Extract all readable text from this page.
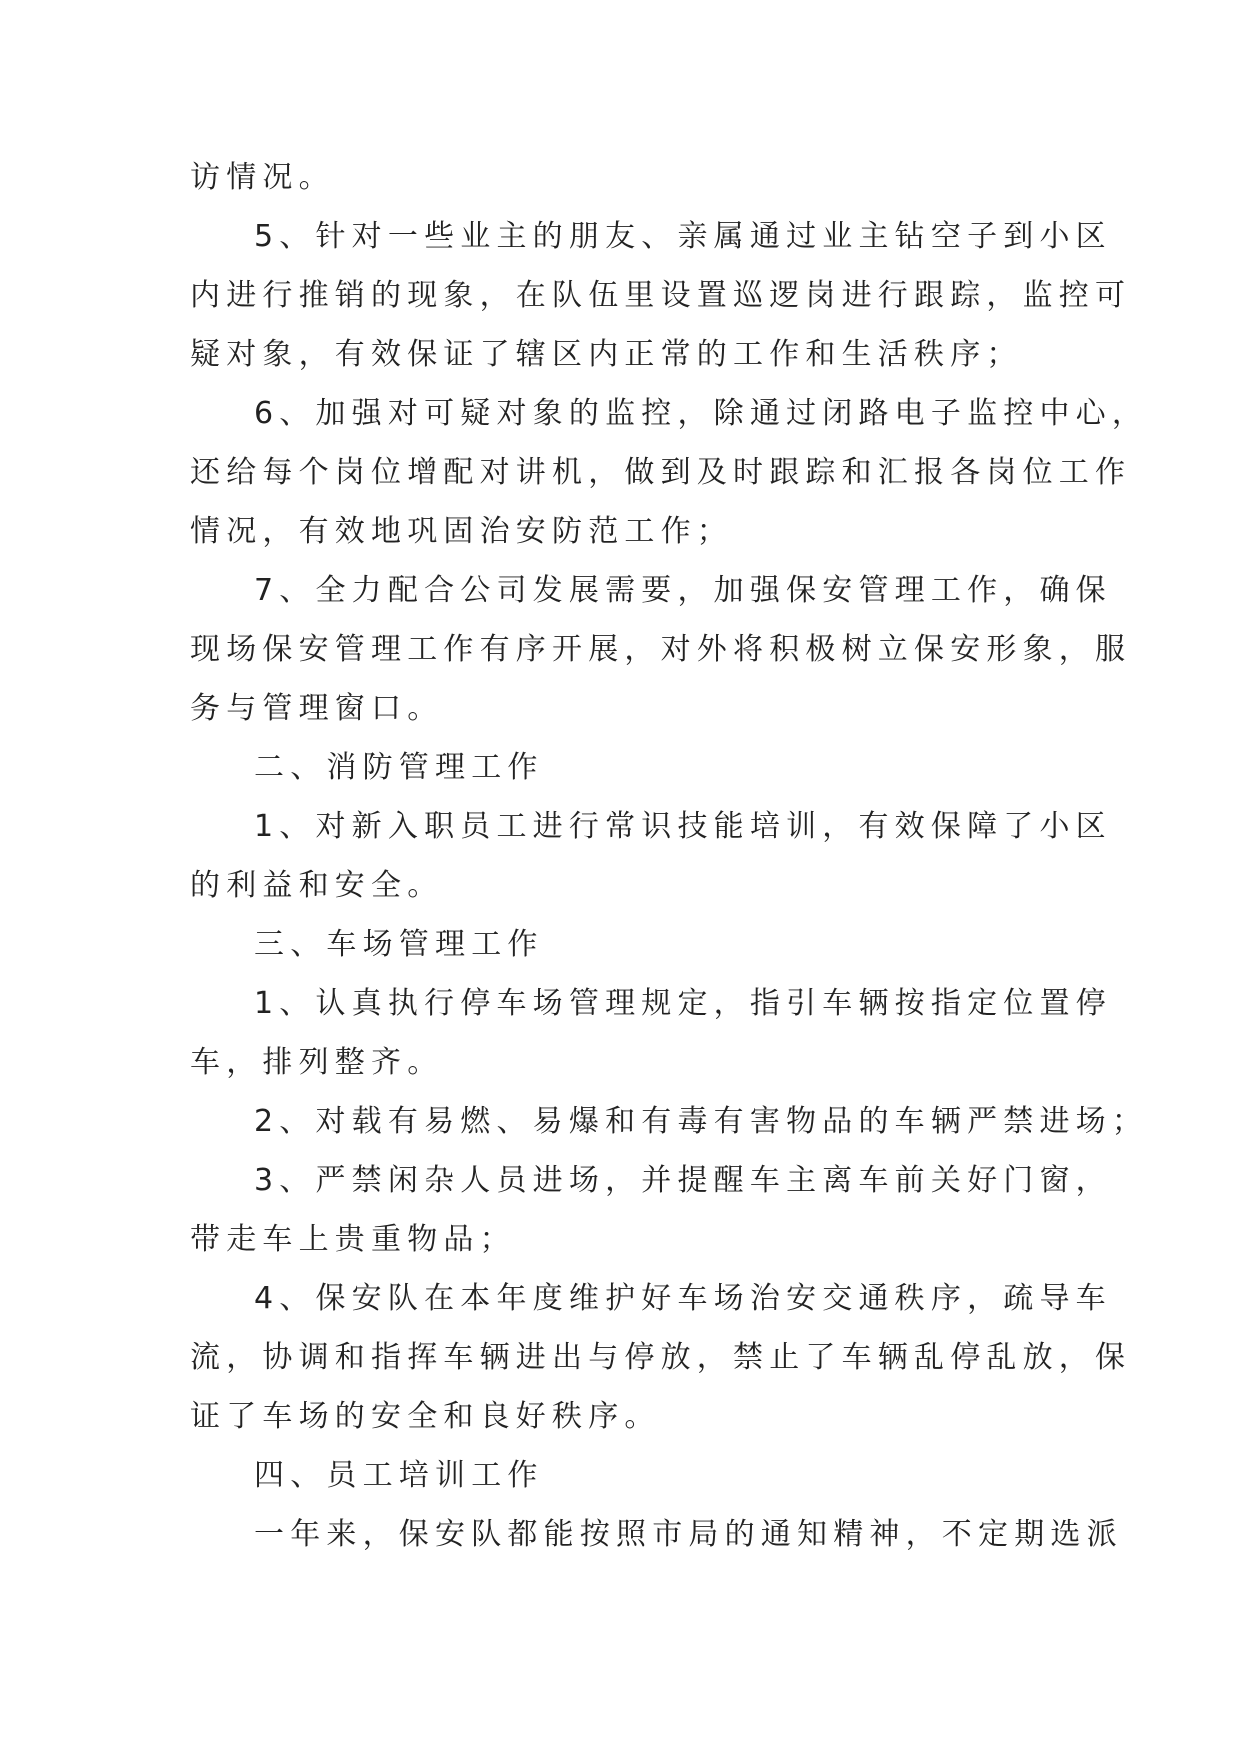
访情况。
5、针对一些业主的朋友、亲属通过业主钻空子到小区
内进行推销的现象，在队伍里设置巡逻岗进行跟踪，监控可
疑对象，有效保证了辖区内正常的工作和生活秩序；
6、加强对可疑对象的监控，除通过闭路电子监控中心，
还给每个岗位增配对讲机，做到及时跟踪和汇报各岗位工作
情况，有效地巩固治安防范工作；
7、全力配合公司发展需要，加强保安管理工作，确保
现场保安管理工作有序开展，对外将积极树立保安形象，服
务与管理窗口。
二、消防管理工作
1、对新入职员工进行常识技能培训，有效保障了小区
的利益和安全。
三、车场管理工作
1、认真执行停车场管理规定，指引车辆按指定位置停
车，排列整齐。
2、对载有易燃、易爆和有毒有害物品的车辆严禁进场；
3、严禁闲杂人员进场，并提醒车主离车前关好门窗，
带走车上贵重物品；
4、保安队在本年度维护好车场治安交通秩序，疏导车
流，协调和指挥车辆进出与停放，禁止了车辆乱停乱放，保
证了车场的安全和良好秩序。
四、员工培训工作
一年来，保安队都能按照市局的通知精神，不定期选派
